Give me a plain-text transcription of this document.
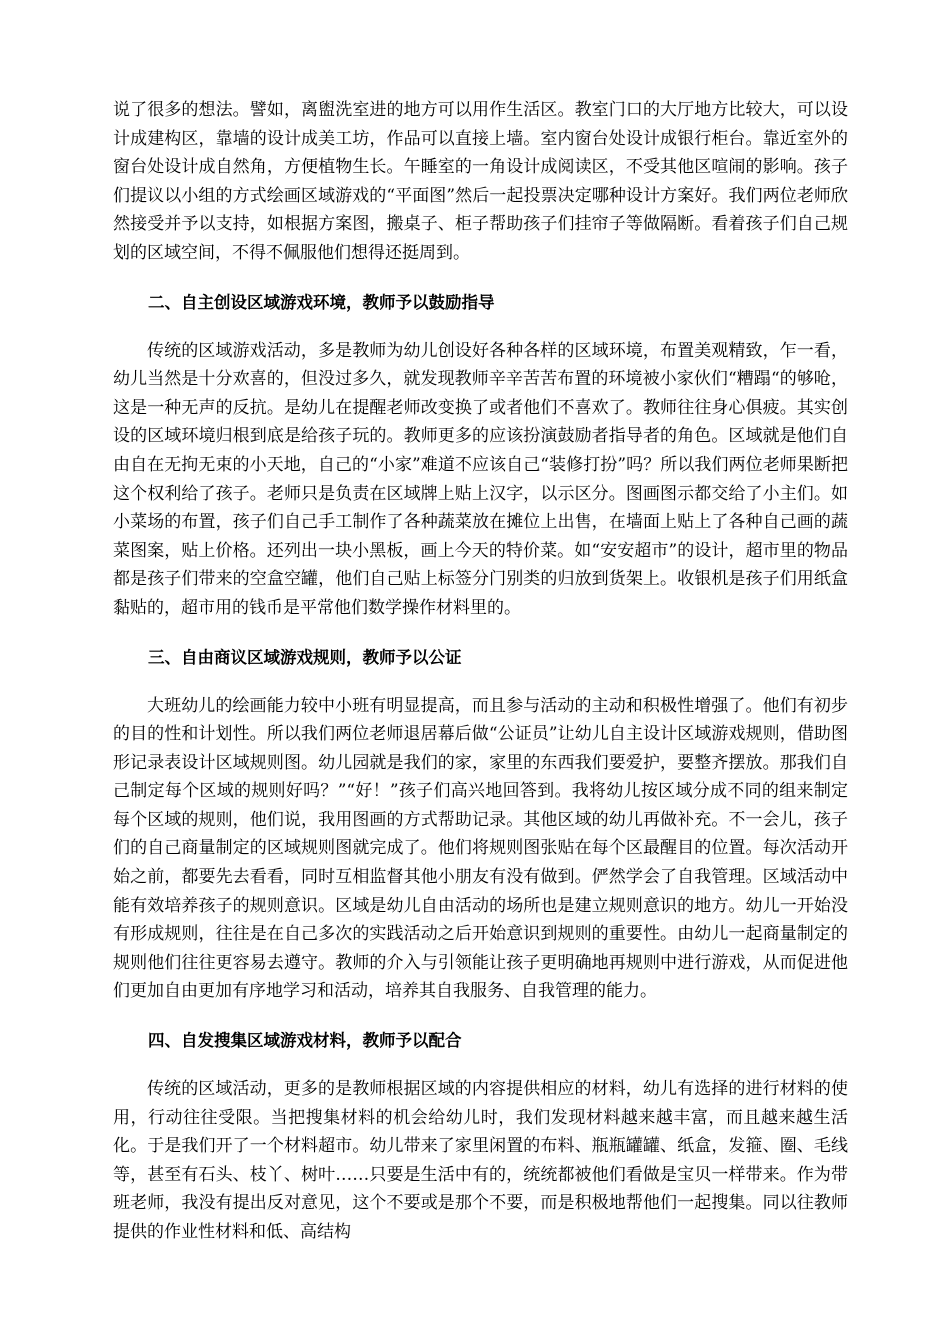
说了很多的想法。譬如，离盥洗室进的地方可以用作生活区。教室门口的大厅地方比较大，可以设计成建构区，靠墙的设计成美工坊，作品可以直接上墙。室内窗台处设计成银行柜台。靠近室外的窗台处设计成自然角，方便植物生长。午睡室的一角设计成阅读区，不受其他区喧闹的影响。孩子们提议以小组的方式绘画区域游戏的“平面图”然后一起投票决定哪种设计方案好。我们两位老师欣然接受并予以支持，如根据方案图，搬桌子、柜子帮助孩子们挂帘子等做隔断。看着孩子们自己规划的区域空间，不得不佩服他们想得还挺周到。

二、自主创设区域游戏环境，教师予以鼓励指导

传统的区域游戏活动，多是教师为幼儿创设好各种各样的区域环境，布置美观精致，乍一看，幼儿当然是十分欢喜的，但没过多久，就发现教师辛辛苦苦布置的环境被小家伙们“糟蹋“的够呛，这是一种无声的反抗。是幼儿在提醒老师改变换了或者他们不喜欢了。教师往往身心俱疲。其实创设的区域环境归根到底是给孩子玩的。教师更多的应该扮演鼓励者指导者的角色。区域就是他们自由自在无拘无束的小天地，自己的“小家”难道不应该自己“装修打扮”吗？所以我们两位老师果断把这个权利给了孩子。老师只是负责在区域牌上贴上汉字，以示区分。图画图示都交给了小主们。如小菜场的布置，孩子们自己手工制作了各种蔬菜放在摊位上出售，在墙面上贴上了各种自己画的蔬菜图案，贴上价格。还列出一块小黑板，画上今天的特价菜。如“安安超市”的设计，超市里的物品都是孩子们带来的空盒空罐，他们自己贴上标签分门别类的归放到货架上。收银机是孩子们用纸盒黏贴的，超市用的钱币是平常他们数学操作材料里的。

三、自由商议区域游戏规则，教师予以公证

大班幼儿的绘画能力较中小班有明显提高，而且参与活动的主动和积极性增强了。他们有初步的目的性和计划性。所以我们两位老师退居幕后做“公证员”让幼儿自主设计区域游戏规则，借助图形记录表设计区域规则图。幼儿园就是我们的家，家里的东西我们要爱护，要整齐摆放。那我们自己制定每个区域的规则好吗？”“好！”孩子们高兴地回答到。我将幼儿按区域分成不同的组来制定每个区域的规则，他们说，我用图画的方式帮助记录。其他区域的幼儿再做补充。不一会儿，孩子们的自己商量制定的区域规则图就完成了。他们将规则图张贴在每个区最醒目的位置。每次活动开始之前，都要先去看看，同时互相监督其他小朋友有没有做到。俨然学会了自我管理。区域活动中能有效培养孩子的规则意识。区域是幼儿自由活动的场所也是建立规则意识的地方。幼儿一开始没有形成规则，往往是在自己多次的实践活动之后开始意识到规则的重要性。由幼儿一起商量制定的规则他们往往更容易去遵守。教师的介入与引领能让孩子更明确地再规则中进行游戏，从而促进他们更加自由更加有序地学习和活动，培养其自我服务、自我管理的能力。

四、自发搜集区域游戏材料，教师予以配合

传统的区域活动，更多的是教师根据区域的内容提供相应的材料，幼儿有选择的进行材料的使用，行动往往受限。当把搜集材料的机会给幼儿时，我们发现材料越来越丰富，而且越来越生活化。于是我们开了一个材料超市。幼儿带来了家里闲置的布料、瓶瓶罐罐、纸盒，发箍、圈、毛线等，甚至有石头、枝丫、树叶……只要是生活中有的，统统都被他们看做是宝贝一样带来。作为带班老师，我没有提出反对意见，这个不要或是那个不要，而是积极地帮他们一起搜集。同以往教师提供的作业性材料和低、高结构
